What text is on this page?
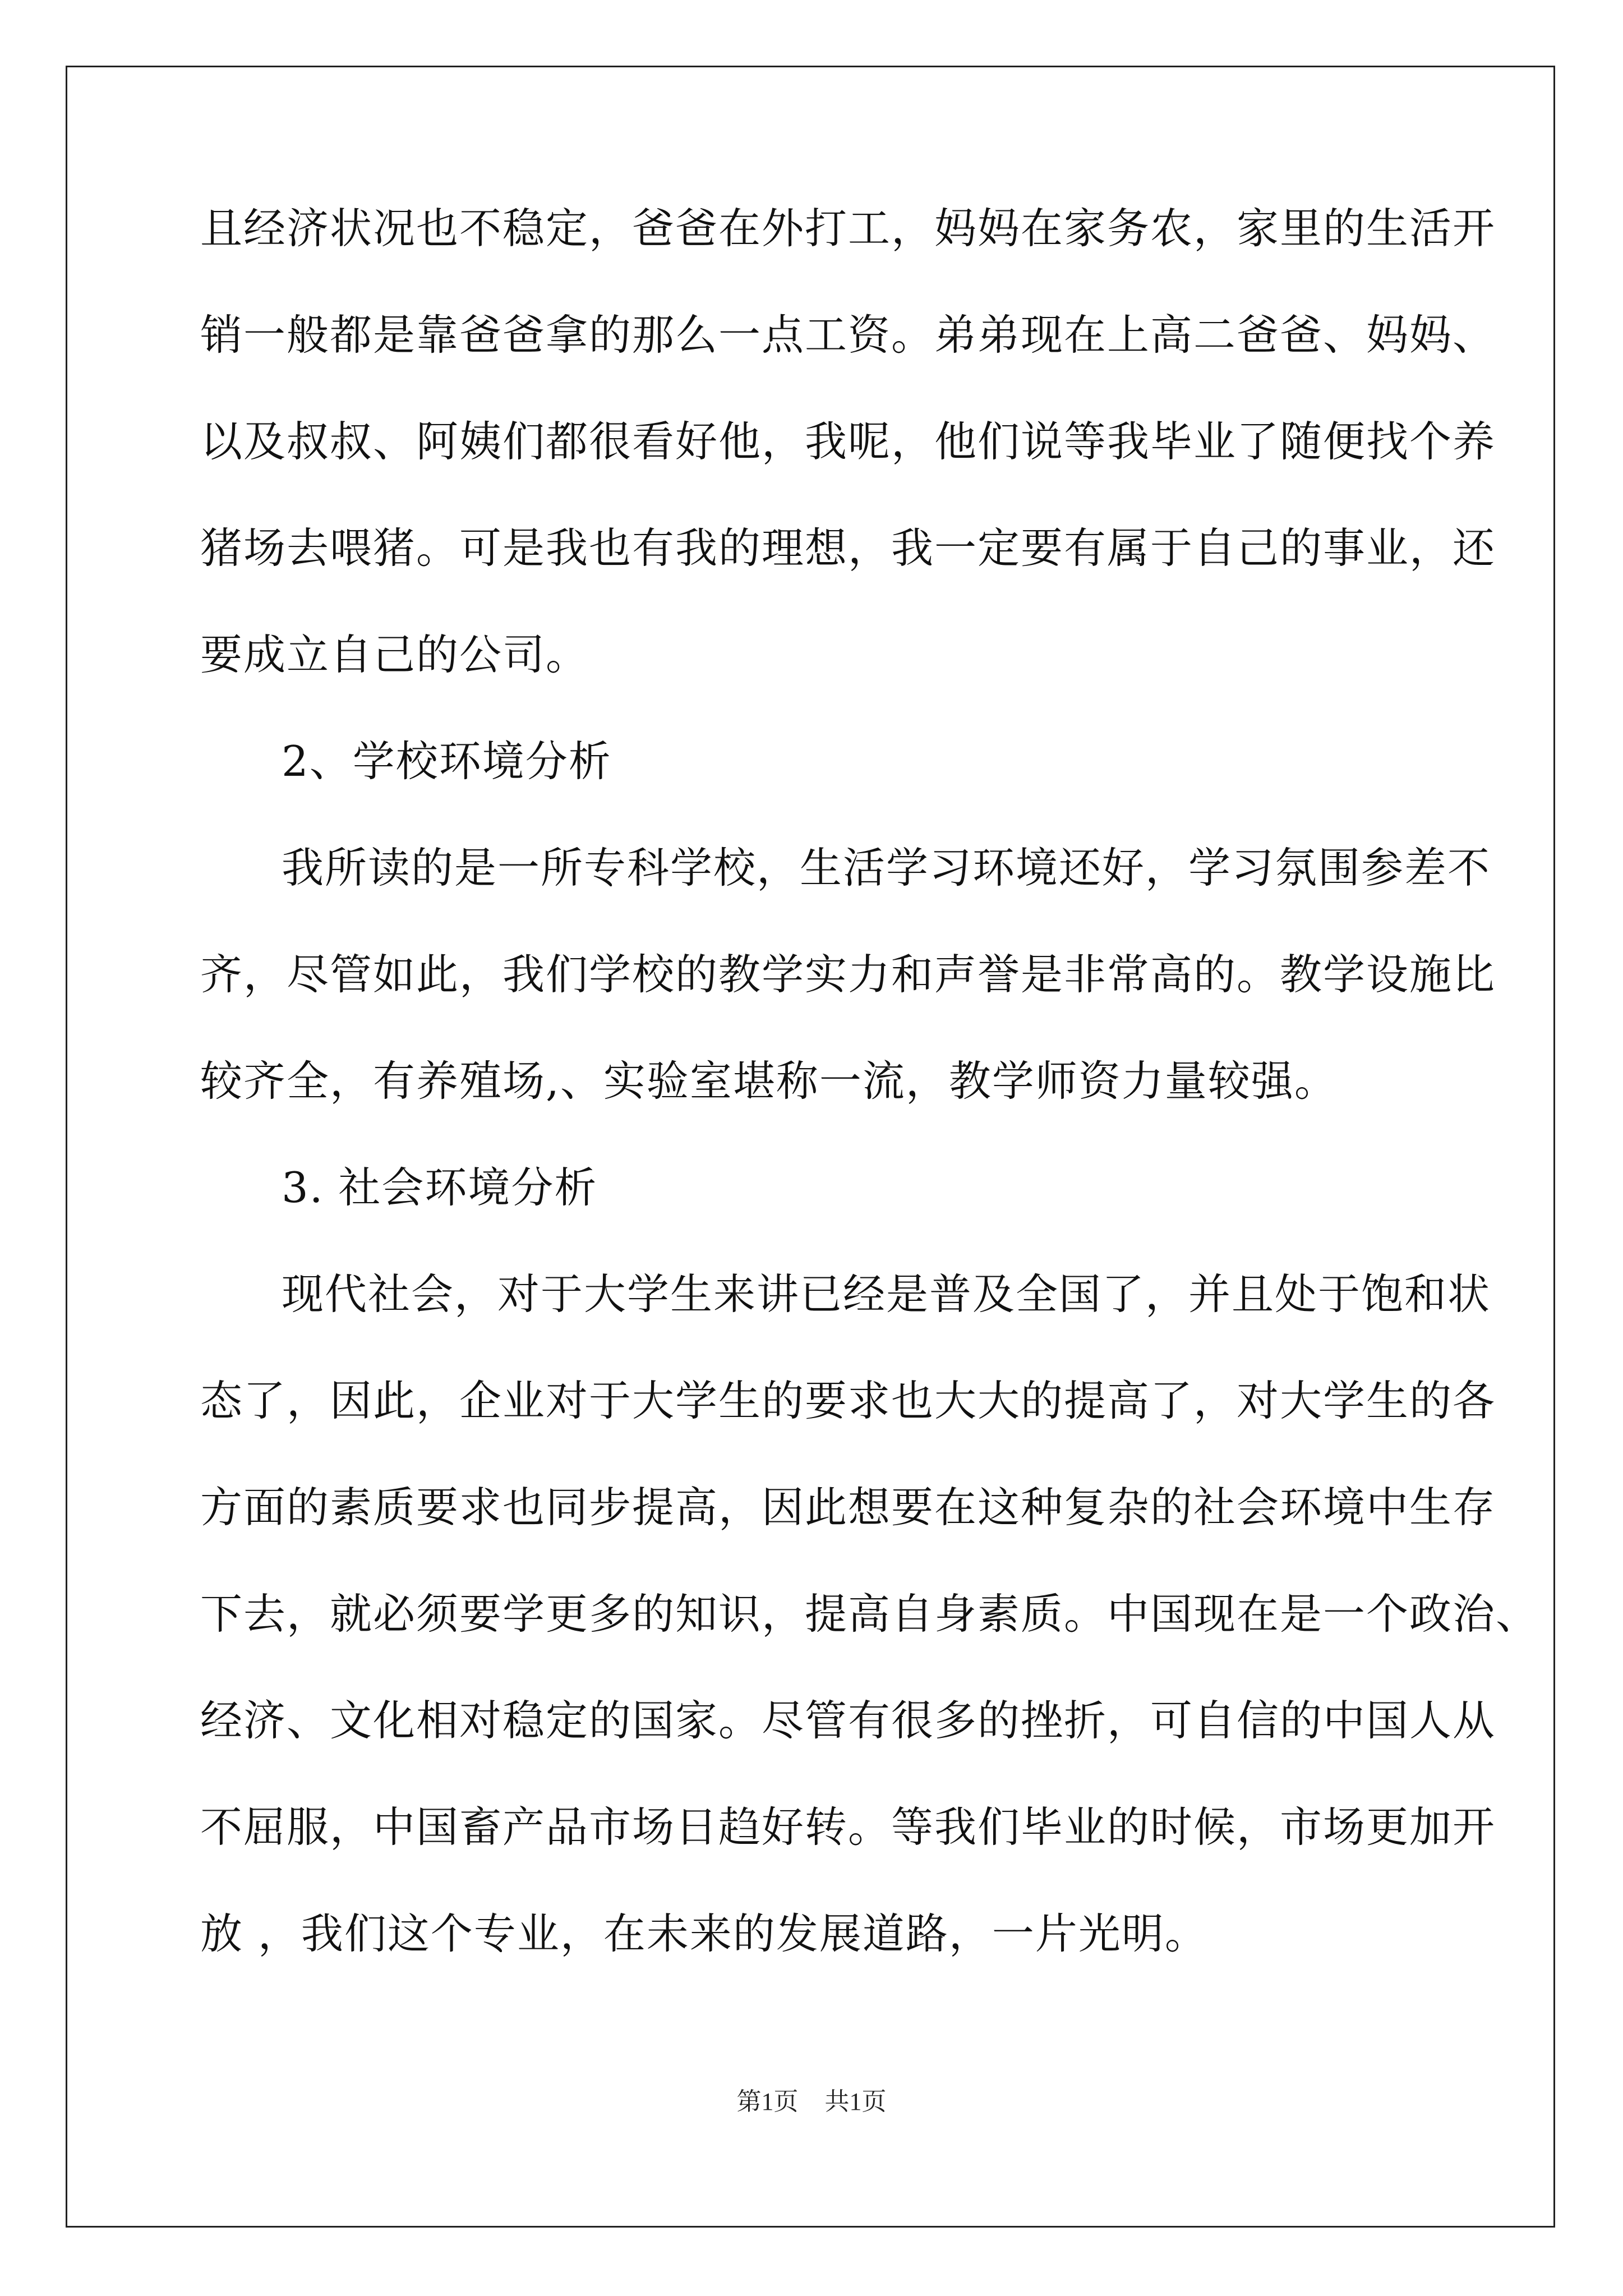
且经济状况也不稳定，爸爸在外打工，妈妈在家务农，家里的生活开
销一般都是靠爸爸拿的那么一点工资。弟弟现在上高二爸爸、妈妈、
以及叔叔、阿姨们都很看好他，我呢，他们说等我毕业了随便找个养
猪场去喂猪。可是我也有我的理想，我一定要有属于自己的事业，还
要成立自己的公司。
2、学校环境分析
我所读的是一所专科学校，生活学习环境还好，学习氛围参差不
齐，尽管如此，我们学校的教学实力和声誉是非常高的。教学设施比
较齐全，有养殖场,、实验室堪称一流，教学师资力量较强。
3. 社会环境分析
现代社会，对于大学生来讲已经是普及全国了，并且处于饱和状
态了，因此，企业对于大学生的要求也大大的提高了，对大学生的各
方面的素质要求也同步提高，因此想要在这种复杂的社会环境中生存
下去，就必须要学更多的知识，提高自身素质。中国现在是一个政治、
经济、文化相对稳定的国家。尽管有很多的挫折，可自信的中国人从
不屈服，中国畜产品市场日趋好转。等我们毕业的时候，市场更加开
放 ，我们这个专业，在未来的发展道路，一片光明。
第1页 共1页
